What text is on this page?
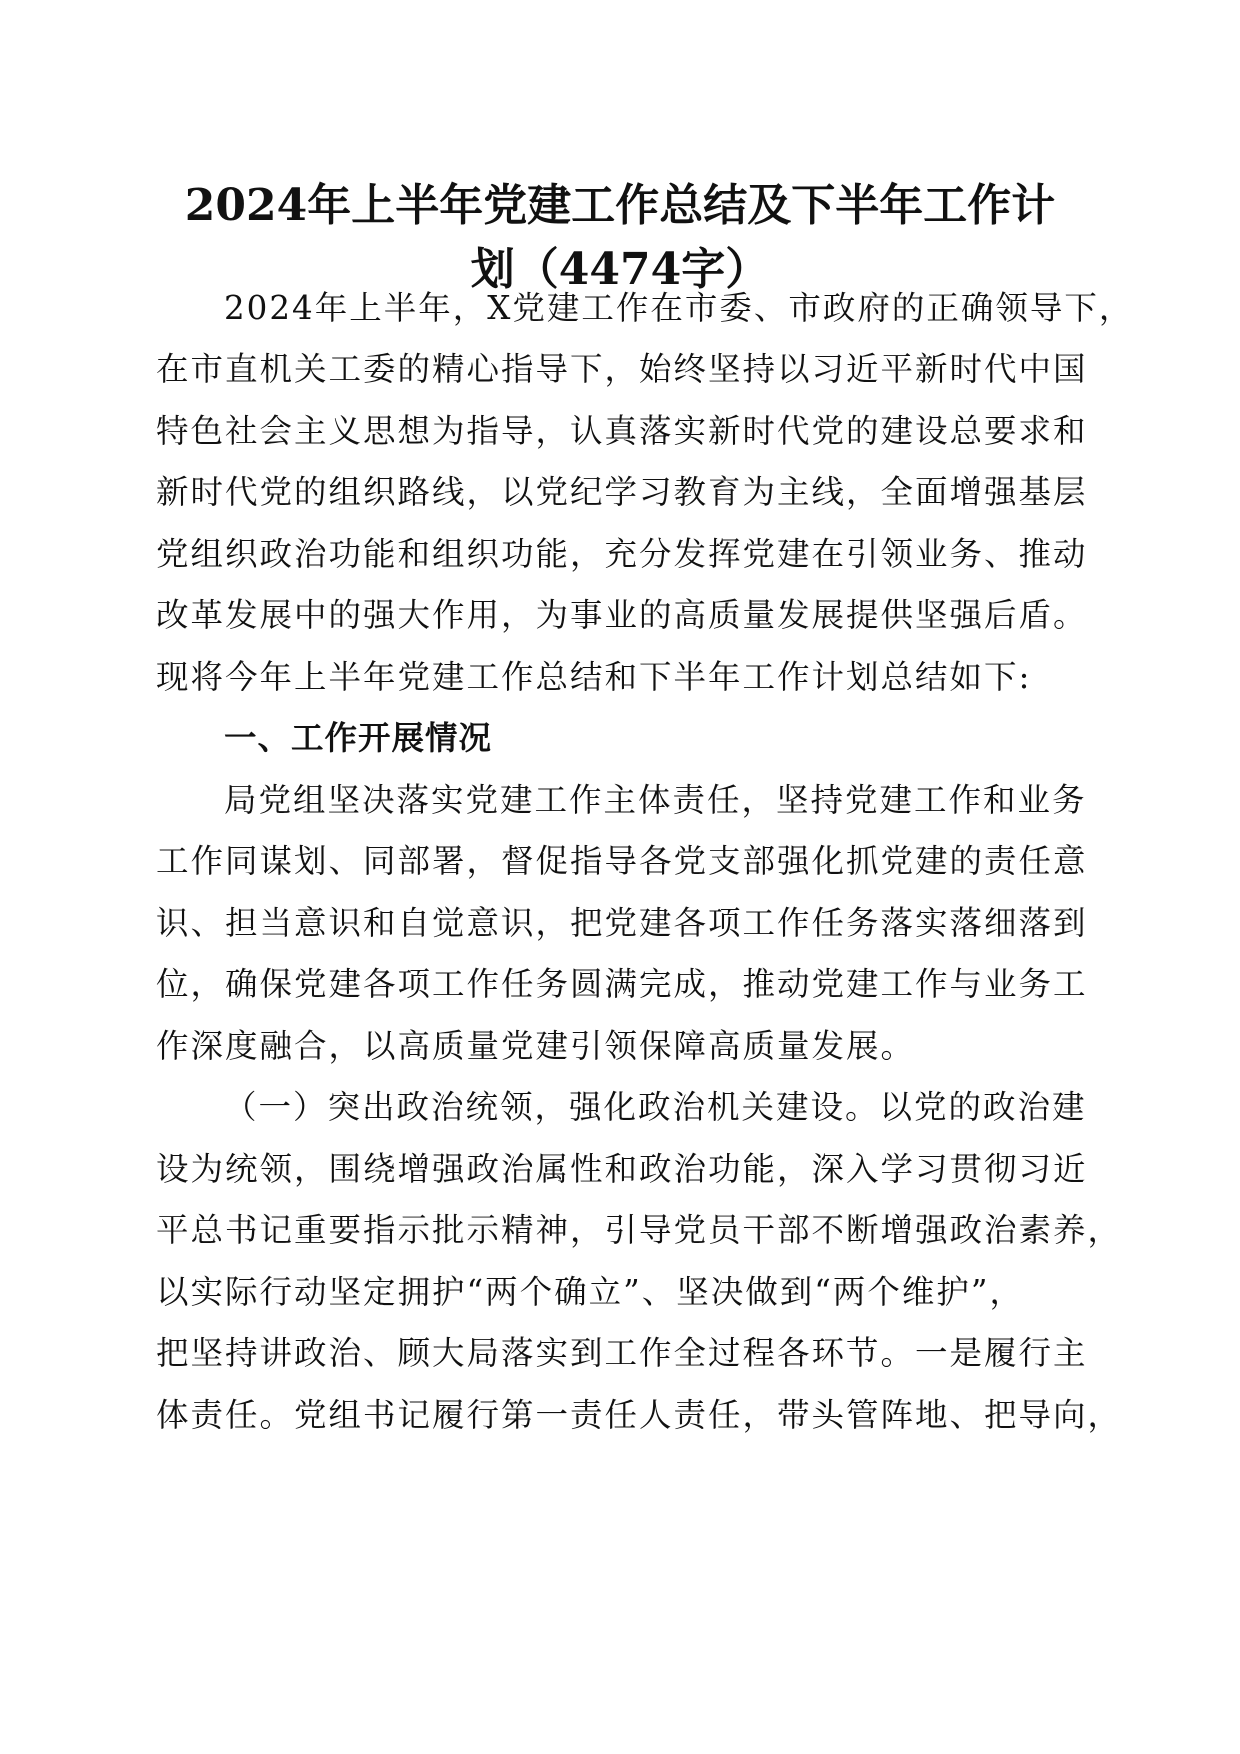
2024年上半年党建工作总结及下半年工作计
划（4474字）

2024年上半年，X党建工作在市委、市政府的正确领导下，

在市直机关工委的精心指导下，始终坚持以习近平新时代中国

特色社会主义思想为指导，认真落实新时代党的建设总要求和

新时代党的组织路线，以党纪学习教育为主线，全面增强基层

党组织政治功能和组织功能，充分发挥党建在引领业务、推动

改革发展中的强大作用，为事业的高质量发展提供坚强后盾。

现将今年上半年党建工作总结和下半年工作计划总结如下:

一、工作开展情况

局党组坚决落实党建工作主体责任，坚持党建工作和业务

工作同谋划、同部署，督促指导各党支部强化抓党建的责任意

识、担当意识和自觉意识，把党建各项工作任务落实落细落到

位，确保党建各项工作任务圆满完成，推动党建工作与业务工

作深度融合，以高质量党建引领保障高质量发展。

（一）突出政治统领，强化政治机关建设。以党的政治建

设为统领，围绕增强政治属性和政治功能，深入学习贯彻习近

平总书记重要指示批示精神，引导党员干部不断增强政治素养，

以实际行动坚定拥护“两个确立”、坚决做到“两个维护”，

把坚持讲政治、顾大局落实到工作全过程各环节。一是履行主

体责任。党组书记履行第一责任人责任，带头管阵地、把导向，
